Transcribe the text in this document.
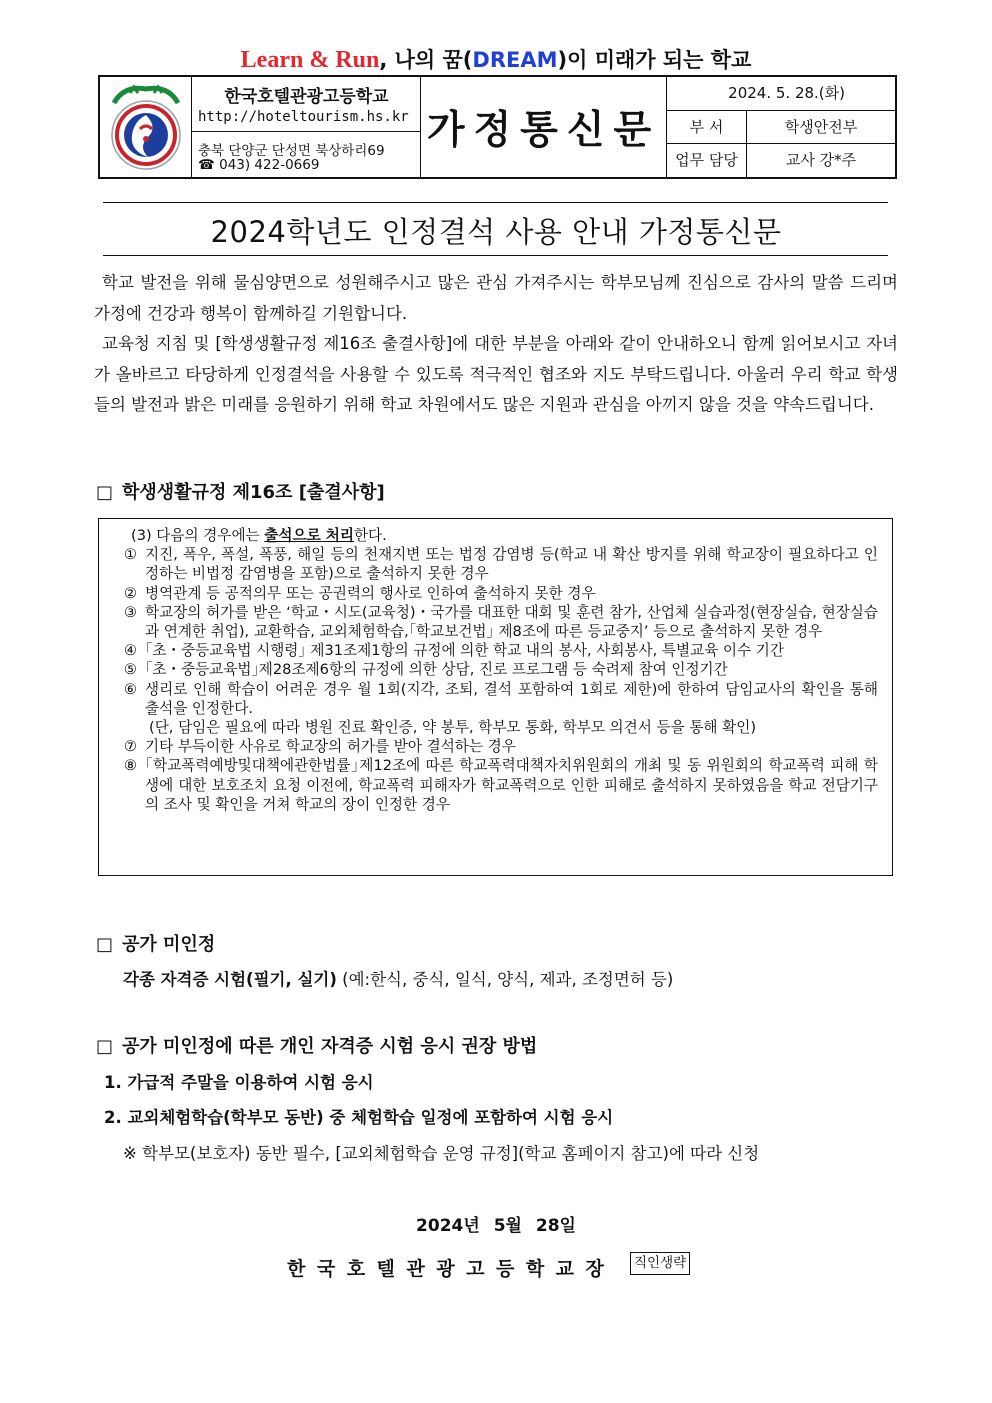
Learn & Run, 나의 꿈(DREAM)이 미래가 되는 학교
한국호텔관광고등학교
http://hoteltourism.hs.kr
충북 단양군 단성면 북상하리69
☎ 043) 422-0669
가정통신문
2024. 5. 28.(화)
부 서	학생안전부
업무 담당	교사 강*주
2024학년도 인정결석 사용 안내 가정통신문

학교 발전을 위해 물심양면으로 성원해주시고 많은 관심 가져주시는 학부모님께 진심으로 감사의 말씀 드리며 가정에 건강과 행복이 함께하길 기원합니다.

교육청 지침 및 [학생생활규정 제16조 출결사항]에 대한 부분을 아래와 같이 안내하오니 함께 읽어보시고 자녀가 올바르고 타당하게 인정결석을 사용할 수 있도록 적극적인 협조와 지도 부탁드립니다. 아울러 우리 학교 학생들의 발전과 밝은 미래를 응원하기 위해 학교 차원에서도 많은 지원과 관심을 아끼지 않을 것을 약속드립니다.

□ 학생생활규정 제16조 [출결사항]
(3) 다음의 경우에는 출석으로 처리한다.
① 지진, 폭우, 폭설, 폭풍, 해일 등의 천재지변 또는 법정 감염병 등(학교 내 확산 방지를 위해 학교장이 필요하다고 인정하는 비법정 감염병을 포함)으로 출석하지 못한 경우
② 병역관계 등 공적의무 또는 공권력의 행사로 인하여 출석하지 못한 경우
③ 학교장의 허가를 받은 ‘학교・시도(교육청)・국가를 대표한 대회 및 훈련 참가, 산업체 실습과정(현장실습, 현장실습과 연계한 취업), 교환학습, 교외체험학습,｢학교보건법｣ 제8조에 따른 등교중지’ 등으로 출석하지 못한 경우
④ ｢초・중등교육법 시행령｣ 제31조제1항의 규정에 의한 학교 내의 봉사, 사회봉사, 특별교육 이수 기간
⑤ ｢초・중등교육법｣제28조제6항의 규정에 의한 상담, 진로 프로그램 등 숙려제 참여 인정기간
⑥ 생리로 인해 학습이 어려운 경우 월 1회(지각, 조퇴, 결석 포함하여 1회로 제한)에 한하여 담임교사의 확인을 통해 출석을 인정한다.
(단, 담임은 필요에 따라 병원 진료 확인증, 약 봉투, 학부모 통화, 학부모 의견서 등을 통해 확인)
⑦ 기타 부득이한 사유로 학교장의 허가를 받아 결석하는 경우
⑧ ｢학교폭력예방및대책에관한법률｣제12조에 따른 학교폭력대책자치위원회의 개최 및 동 위원회의 학교폭력 피해 학생에 대한 보호조치 요청 이전에, 학교폭력 피해자가 학교폭력으로 인한 피해로 출석하지 못하였음을 학교 전담기구의 조사 및 확인을 거쳐 학교의 장이 인정한 경우
□ 공가 미인정
각종 자격증 시험(필기, 실기) (예:한식, 중식, 일식, 양식, 제과, 조정면허 등)
□ 공가 미인정에 따른 개인 자격증 시험 응시 권장 방법
1. 가급적 주말을 이용하여 시험 응시
2. 교외체험학습(학부모 동반) 중 체험학습 일정에 포함하여 시험 응시
※ 학부모(보호자) 동반 필수, [교외체험학습 운영 규정](학교 홈페이지 참고)에 따라 신청
2024년 5월 28일
한국호텔관광고등학교장 직인생략
